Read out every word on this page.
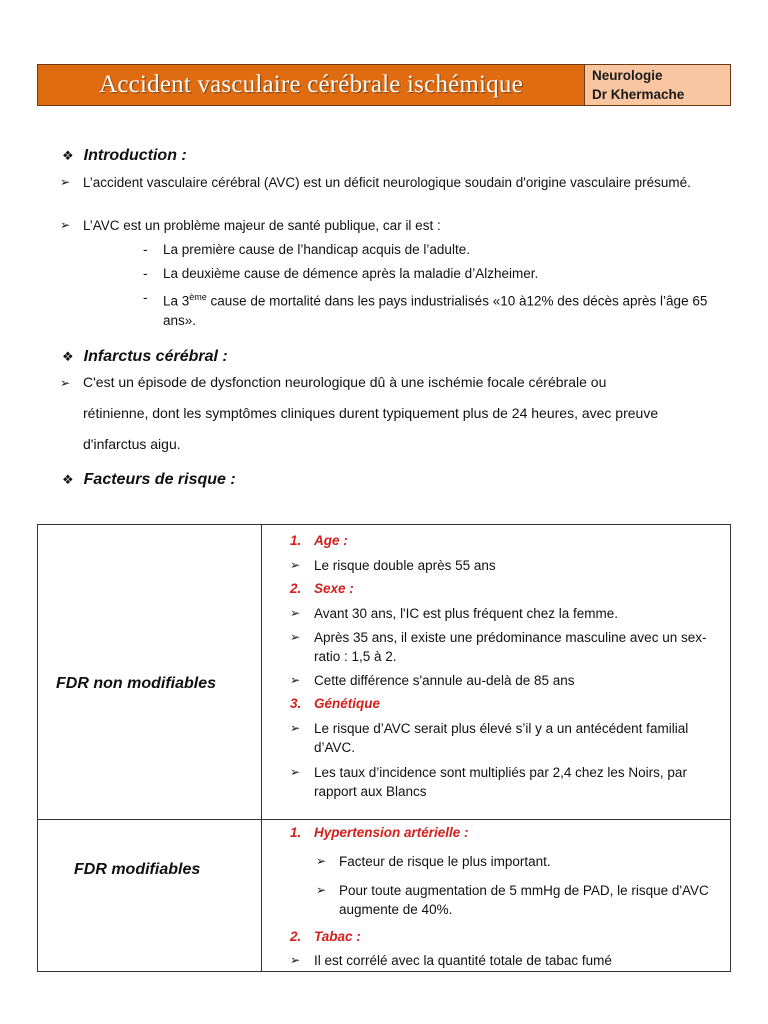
Accident vasculaire cérébrale ischémique	Neurologie
Dr Khermache
❖ Introduction :
➢ L’accident vasculaire cérébral (AVC) est un déficit neurologique soudain d'origine vasculaire présumé.
➢ L’AVC est un problème majeur de santé publique, car il est :
- La première cause de l’handicap acquis de l’adulte.
- La deuxième cause de démence après la maladie d’Alzheimer.
- La 3ème cause de mortalité dans les pays industrialisés «10 à12% des décès après l’âge 65 ans».
❖ Infarctus cérébral :
➢ C'est un épisode de dysfonction neurologique dû à une ischémie focale cérébrale ou
rétinienne, dont les symptômes cliniques durent typiquement plus de 24 heures, avec preuve
d'infarctus aigu.
❖ Facteurs de risque :
FDR non modifiables
1. Age :
➢ Le risque double après 55 ans
2. Sexe :
➢ Avant 30 ans, l'IC est plus fréquent chez la femme.
➢ Après 35 ans, il existe une prédominance masculine avec un sex-ratio : 1,5 à 2.
➢ Cette différence s'annule au-delà de 85 ans
3. Génétique
➢ Le risque d’AVC serait plus élevé s’il y a un antécédent familial d’AVC.
➢ Les taux d’incidence sont multipliés par 2,4 chez les Noirs, par rapport aux Blancs
FDR modifiables
1. Hypertension artérielle :
➢ Facteur de risque le plus important.
➢ Pour toute augmentation de 5 mmHg de PAD, le risque d'AVC augmente de 40%.
2. Tabac :
➢ Il est corrélé avec la quantité totale de tabac fumé
